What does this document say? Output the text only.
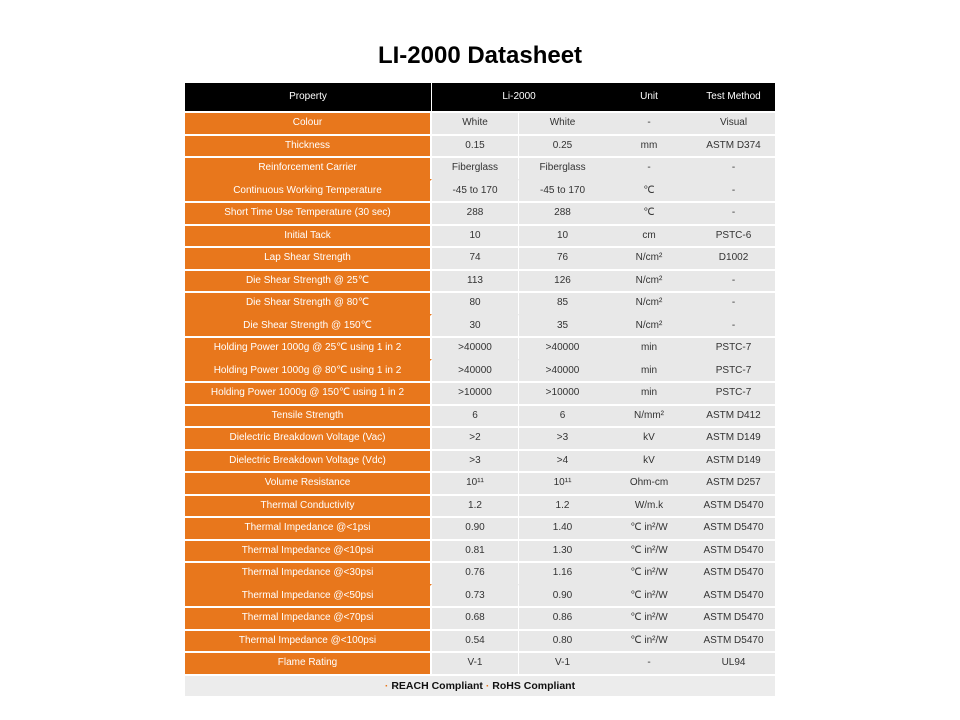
LI-2000 Datasheet
Property	Li-2000		Unit	Test Method
Colour	White	White	-	Visual
Thickness	0.15	0.25	mm	ASTM D374
Reinforcement Carrier	Fiberglass	Fiberglass	-	-
Continuous Working Temperature	-45 to 170	-45 to 170	℃	-
Short Time Use Temperature (30 sec)	288	288	℃	-
Initial Tack	10	10	cm	PSTC-6
Lap Shear Strength	74	76	N/cm²	D1002
Die Shear Strength @ 25℃	113	126	N/cm²	-
Die Shear Strength @ 80℃	80	85	N/cm²	-
Die Shear Strength @ 150℃	30	35	N/cm²	-
Holding Power 1000g @ 25℃ using 1 in 2	>40000	>40000	min	PSTC-7
Holding Power 1000g @ 80℃ using 1 in 2	>40000	>40000	min	PSTC-7
Holding Power 1000g @ 150℃ using 1 in 2	>10000	>10000	min	PSTC-7
Tensile Strength	6	6	N/mm²	ASTM D412
Dielectric Breakdown Voltage (Vac)	>2	>3	kV	ASTM D149
Dielectric Breakdown Voltage (Vdc)	>3	>4	kV	ASTM D149
Volume Resistance	10¹¹	10¹¹	Ohm-cm	ASTM D257
Thermal Conductivity	1.2	1.2	W/m.k	ASTM D5470
Thermal Impedance @<1psi	0.90	1.40	℃ in²/W	ASTM D5470
Thermal Impedance @<10psi	0.81	1.30	℃ in²/W	ASTM D5470
Thermal Impedance @<30psi	0.76	1.16	℃ in²/W	ASTM D5470
Thermal Impedance @<50psi	0.73	0.90	℃ in²/W	ASTM D5470
Thermal Impedance @<70psi	0.68	0.86	℃ in²/W	ASTM D5470
Thermal Impedance @<100psi	0.54	0.80	℃ in²/W	ASTM D5470
Flame Rating	V-1	V-1	-	UL94
· REACH Compliant · RoHS Compliant				
